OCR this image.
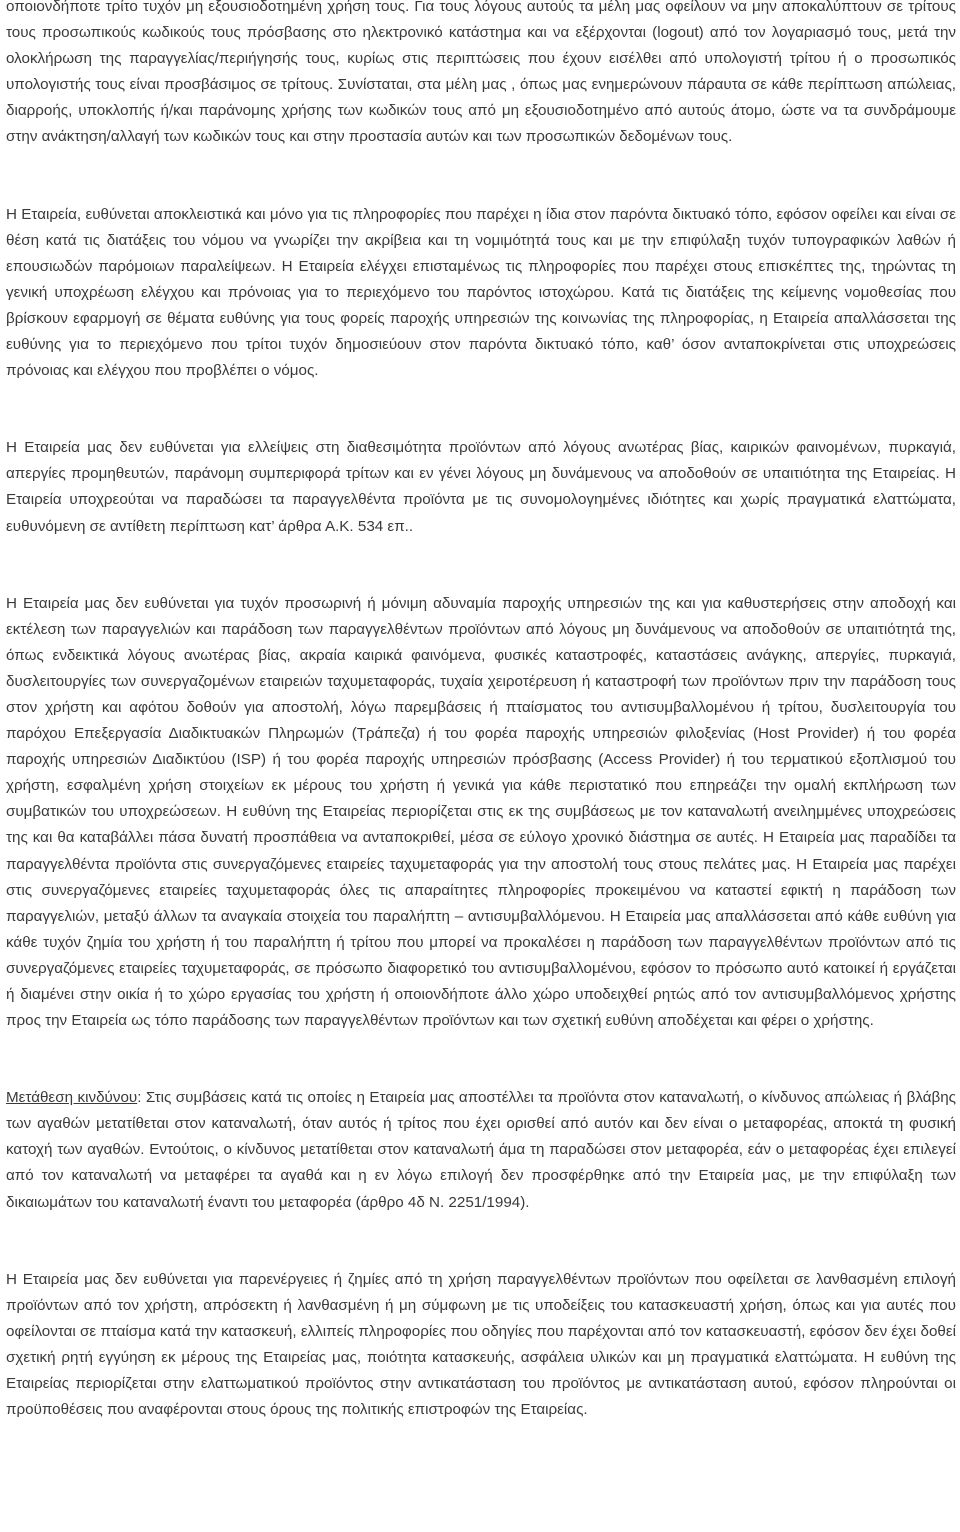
οποιονδήποτε τρίτο τυχόν μη εξουσιοδοτημένη χρήση τους. Για τους λόγους αυτούς τα μέλη μας οφείλουν να μην αποκαλύπτουν σε τρίτους τους προσωπικούς κωδικούς τους πρόσβασης στο ηλεκτρονικό κατάστημα και να εξέρχονται (logout) από τον λογαριασμό τους, μετά την ολοκλήρωση της παραγγελίας/περιήγησής τους, κυρίως στις περιπτώσεις που έχουν εισέλθει από υπολογιστή τρίτου ή ο προσωπικός υπολογιστής τους είναι προσβάσιμος σε τρίτους. Συνίσταται, στα μέλη μας , όπως μας ενημερώνουν πάραυτα σε κάθε περίπτωση απώλειας, διαρροής, υποκλοπής ή/και παράνομης χρήσης των κωδικών τους από μη εξουσιοδοτημένο από αυτούς άτομο, ώστε να τα συνδράμουμε στην ανάκτηση/αλλαγή των κωδικών τους και στην προστασία αυτών και των προσωπικών δεδομένων τους.

Η Εταιρεία, ευθύνεται αποκλειστικά και μόνο για τις πληροφορίες που παρέχει η ίδια στον παρόντα δικτυακό τόπο, εφόσον οφείλει και είναι σε θέση κατά τις διατάξεις του νόμου να γνωρίζει την ακρίβεια και τη νομιμότητά τους και με την επιφύλαξη τυχόν τυπογραφικών λαθών ή επουσιωδών παρόμοιων παραλείψεων. Η Εταιρεία ελέγχει επισταμένως τις πληροφορίες που παρέχει στους επισκέπτες της, τηρώντας τη γενική υποχρέωση ελέγχου και πρόνοιας για το περιεχόμενο του παρόντος ιστοχώρου. Κατά τις διατάξεις της κείμενης νομοθεσίας που βρίσκουν εφαρμογή σε θέματα ευθύνης για τους φορείς παροχής υπηρεσιών της κοινωνίας της πληροφορίας, η Εταιρεία απαλλάσσεται της ευθύνης για το περιεχόμενο που τρίτοι τυχόν δημοσιεύουν στον παρόντα δικτυακό τόπο, καθ’ όσον ανταποκρίνεται στις υποχρεώσεις πρόνοιας και ελέγχου που προβλέπει ο νόμος.

Η Εταιρεία μας δεν ευθύνεται για ελλείψεις στη διαθεσιμότητα προϊόντων από λόγους ανωτέρας βίας, καιρικών φαινομένων, πυρκαγιά, απεργίες προμηθευτών, παράνομη συμπεριφορά τρίτων και εν γένει λόγους μη δυνάμενους να αποδοθούν σε υπαιτιότητα της Εταιρείας. Η Εταιρεία υποχρεούται να παραδώσει τα παραγγελθέντα προϊόντα με τις συνομολογημένες ιδιότητες και χωρίς πραγματικά ελαττώματα, ευθυνόμενη σε αντίθετη περίπτωση κατ’ άρθρα Α.Κ. 534 επ..

Η Εταιρεία μας δεν ευθύνεται για τυχόν προσωρινή ή μόνιμη αδυναμία παροχής υπηρεσιών της και για καθυστερήσεις στην αποδοχή και εκτέλεση των παραγγελιών και παράδοση των παραγγελθέντων προϊόντων από λόγους μη δυνάμενους να αποδοθούν σε υπαιτιότητά της, όπως ενδεικτικά λόγους ανωτέρας βίας, ακραία καιρικά φαινόμενα, φυσικές καταστροφές, καταστάσεις ανάγκης, απεργίες, πυρκαγιά, δυσλειτουργίες των συνεργαζομένων εταιρειών ταχυμεταφοράς, τυχαία χειροτέρευση ή καταστροφή των προϊόντων πριν την παράδοση τους στον χρήστη και αφότου δοθούν για αποστολή, λόγω παρεμβάσεις ή πταίσματος του αντισυμβαλλομένου ή τρίτου, δυσλειτουργία του παρόχου Επεξεργασία Διαδικτυακών Πληρωμών (Τράπεζα) ή του φορέα παροχής υπηρεσιών φιλοξενίας (Host Provider) ή του φορέα παροχής υπηρεσιών Διαδικτύου (ISP) ή του φορέα παροχής υπηρεσιών πρόσβασης (Access Provider) ή του τερματικού εξοπλισμού του χρήστη, εσφαλμένη χρήση στοιχείων εκ μέρους του χρήστη ή γενικά για κάθε περιστατικό που επηρεάζει την ομαλή εκπλήρωση των συμβατικών του υποχρεώσεων. Η ευθύνη της Εταιρείας περιορίζεται στις εκ της συμβάσεως με τον καταναλωτή ανειλημμένες υποχρεώσεις της και θα καταβάλλει πάσα δυνατή προσπάθεια να ανταποκριθεί, μέσα σε εύλογο χρονικό διάστημα σε αυτές. Η Εταιρεία μας παραδίδει τα παραγγελθέντα προϊόντα στις συνεργαζόμενες εταιρείες ταχυμεταφοράς για την αποστολή τους στους πελάτες μας. Η Εταιρεία μας παρέχει στις συνεργαζόμενες εταιρείες ταχυμεταφοράς όλες τις απαραίτητες πληροφορίες προκειμένου να καταστεί εφικτή η παράδοση των παραγγελιών, μεταξύ άλλων τα αναγκαία στοιχεία του παραλήπτη – αντισυμβαλλόμενου. Η Εταιρεία μας απαλλάσσεται από κάθε ευθύνη για κάθε τυχόν ζημία του χρήστη ή του παραλήπτη ή τρίτου που μπορεί να προκαλέσει η παράδοση των παραγγελθέντων προϊόντων από τις συνεργαζόμενες εταιρείες ταχυμεταφοράς, σε πρόσωπο διαφορετικό του αντισυμβαλλομένου, εφόσον το πρόσωπο αυτό κατοικεί ή εργάζεται ή διαμένει στην οικία ή το χώρο εργασίας του χρήστη ή οποιονδήποτε άλλο χώρο υποδειχθεί ρητώς από τον αντισυμβαλλόμενος χρήστης προς την Εταιρεία ως τόπο παράδοσης των παραγγελθέντων προϊόντων και των σχετική ευθύνη αποδέχεται και φέρει ο χρήστης.

Μετάθεση κινδύνου: Στις συμβάσεις κατά τις οποίες η Εταιρεία μας αποστέλλει τα προϊόντα στον καταναλωτή, ο κίνδυνος απώλειας ή βλάβης των αγαθών μετατίθεται στον καταναλωτή, όταν αυτός ή τρίτος που έχει ορισθεί από αυτόν και δεν είναι ο μεταφορέας, αποκτά τη φυσική κατοχή των αγαθών. Εντούτοις, ο κίνδυνος μετατίθεται στον καταναλωτή άμα τη παραδώσει στον μεταφορέα, εάν ο μεταφορέας έχει επιλεγεί από τον καταναλωτή να μεταφέρει τα αγαθά και η εν λόγω επιλογή δεν προσφέρθηκε από την Εταιρεία μας, με την επιφύλαξη των δικαιωμάτων του καταναλωτή έναντι του μεταφορέα (άρθρο 4δ Ν. 2251/1994).

Η Εταιρεία μας δεν ευθύνεται για παρενέργειες ή ζημίες από τη χρήση παραγγελθέντων προϊόντων που οφείλεται σε λανθασμένη επιλογή προϊόντων από τον χρήστη, απρόσεκτη ή λανθασμένη ή μη σύμφωνη με τις υποδείξεις του κατασκευαστή χρήση, όπως και για αυτές που οφείλονται σε πταίσμα κατά την κατασκευή, ελλιπείς πληροφορίες που οδηγίες που παρέχονται από τον κατασκευαστή, εφόσον δεν έχει δοθεί σχετική ρητή εγγύηση εκ μέρους της Εταιρείας μας, ποιότητα κατασκευής, ασφάλεια υλικών και μη πραγματικά ελαττώματα. Η ευθύνη της Εταιρείας περιορίζεται στην ελαττωματικού προϊόντος στην αντικατάσταση του προϊόντος με αντικατάσταση αυτού, εφόσον πληρούνται οι προϋποθέσεις που αναφέρονται στους όρους της πολιτικής επιστροφών της Εταιρείας.
